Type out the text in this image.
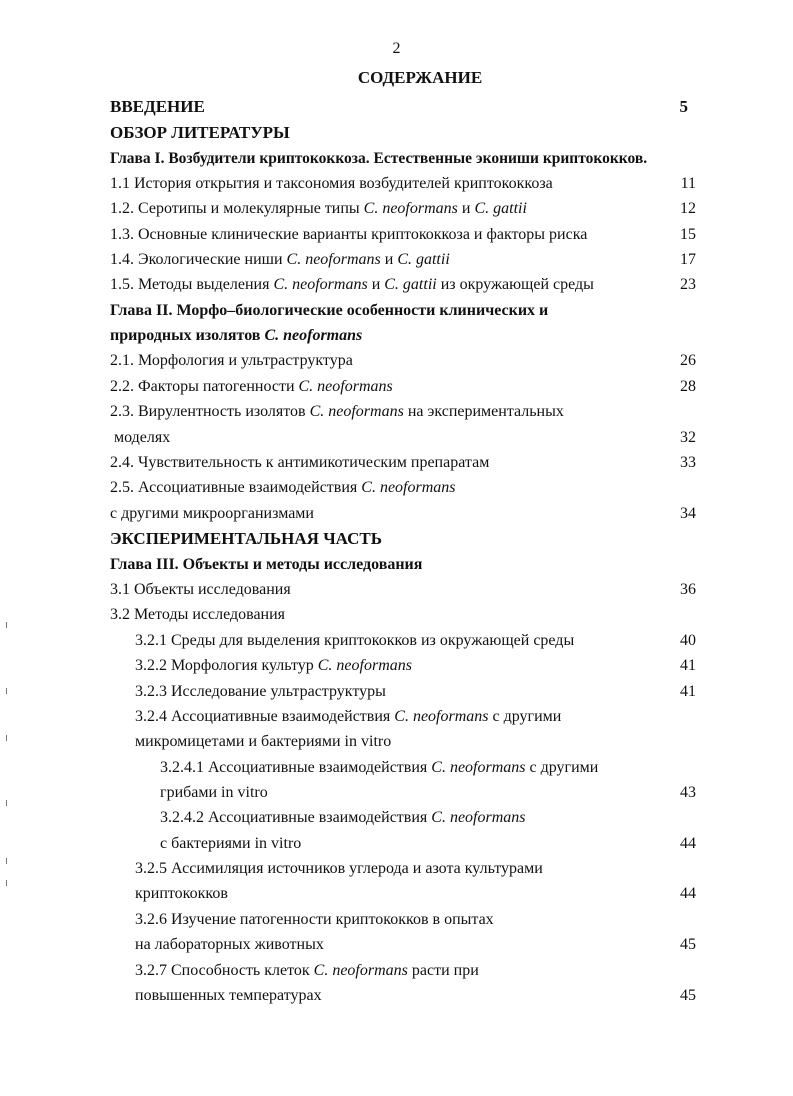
2
СОДЕРЖАНИЕ
ВВЕДЕНИЕ	5
ОБЗОР ЛИТЕРАТУРЫ
Глава I. Возбудители криптококкоза. Естественные экониши криптококков.
1.1 История открытия и таксономия возбудителей криптококкоза	11
1.2. Серотипы и молекулярные типы C. neoformans и C. gattii	12
1.3. Основные клинические варианты криптококкоза и факторы риска	15
1.4. Экологические ниши C. neoformans и C. gattii	17
1.5. Методы выделения C. neoformans и C. gattii из окружающей среды	23
Глава II. Морфо–биологические особенности клинических и
природных изолятов C. neoformans
2.1. Морфология и ультраструктура	26
2.2. Факторы патогенности C. neoformans	28
2.3. Вирулентность изолятов C. neoformans на экспериментальных
моделях	32
2.4. Чувствительность к антимикотическим препаратам	33
2.5. Ассоциативные взаимодействия C. neoformans
с другими микроорганизмами	34
ЭКСПЕРИМЕНТАЛЬНАЯ ЧАСТЬ
Глава III. Объекты и методы исследования
3.1 Объекты исследования	36
3.2 Методы исследования
3.2.1 Среды для выделения криптококков из окружающей среды	40
3.2.2 Морфология культур C. neoformans	41
3.2.3 Исследование ультраструктуры	41
3.2.4 Ассоциативные взаимодействия C. neoformans с другими
микромицетами и бактериями in vitro
3.2.4.1 Ассоциативные взаимодействия C. neoformans с другими
грибами in vitro	43
3.2.4.2 Ассоциативные взаимодействия C. neoformans
с бактериями in vitro	44
3.2.5 Ассимиляция источников углерода и азота культурами
криптококков	44
3.2.6 Изучение патогенности криптококков в опытах
на лабораторных животных	45
3.2.7 Способность клеток C. neoformans расти при
повышенных температурах	45
